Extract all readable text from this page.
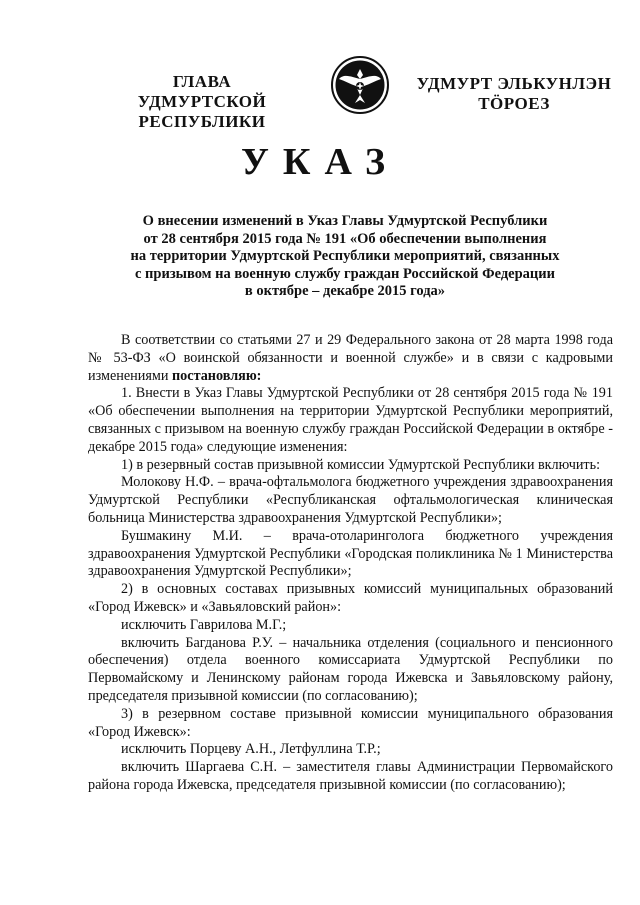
ГЛАВА
УДМУРТСКОЙ РЕСПУБЛИКИ
УДМУРТ ЭЛЬКУНЛЭН
ТӦРОЕЗ
УКАЗ
О внесении изменений в Указ Главы Удмуртской Республики
от 28 сентября 2015 года № 191 «Об обеспечении выполнения
на территории Удмуртской Республики мероприятий, связанных
с призывом на военную службу граждан Российской Федерации
в октябре – декабре 2015 года»

В соответствии со статьями 27 и 29 Федерального закона от 28 марта 1998 года № 53-ФЗ «О воинской обязанности и военной службе» и в связи с кадровыми изменениями постановляю:

1. Внести в Указ Главы Удмуртской Республики от 28 сентября 2015 года № 191 «Об обеспечении выполнения на территории Удмуртской Республики мероприятий, связанных с призывом на военную службу граждан Российской Федерации в октябре - декабре 2015 года» следующие изменения:

1) в резервный состав призывной комиссии Удмуртской Республики включить:

Молокову Н.Ф. – врача-офтальмолога бюджетного учреждения здравоохранения Удмуртской Республики «Республиканская офтальмологическая клиническая больница Министерства здравоохранения Удмуртской Республики»;

Бушмакину М.И. – врача-отоларинголога бюджетного учреждения здравоохранения Удмуртской Республики «Городская поликлиника № 1 Министерства здравоохранения Удмуртской Республики»;

2) в основных составах призывных комиссий муниципальных образований «Город Ижевск» и «Завьяловский район»:

исключить Гаврилова М.Г.;

включить Багданова Р.У. – начальника отделения (социального и пенсионного обеспечения) отдела военного комиссариата Удмуртской Республики по Первомайскому и Ленинскому районам города Ижевска и Завьяловскому району, председателя призывной комиссии (по согласованию);

3) в резервном составе призывной комиссии муниципального образования «Город Ижевск»:

исключить Порцеву А.Н., Летфуллина Т.Р.;

включить Шаргаева С.Н. – заместителя главы Администрации Первомайского района города Ижевска, председателя призывной комиссии (по согласованию);
